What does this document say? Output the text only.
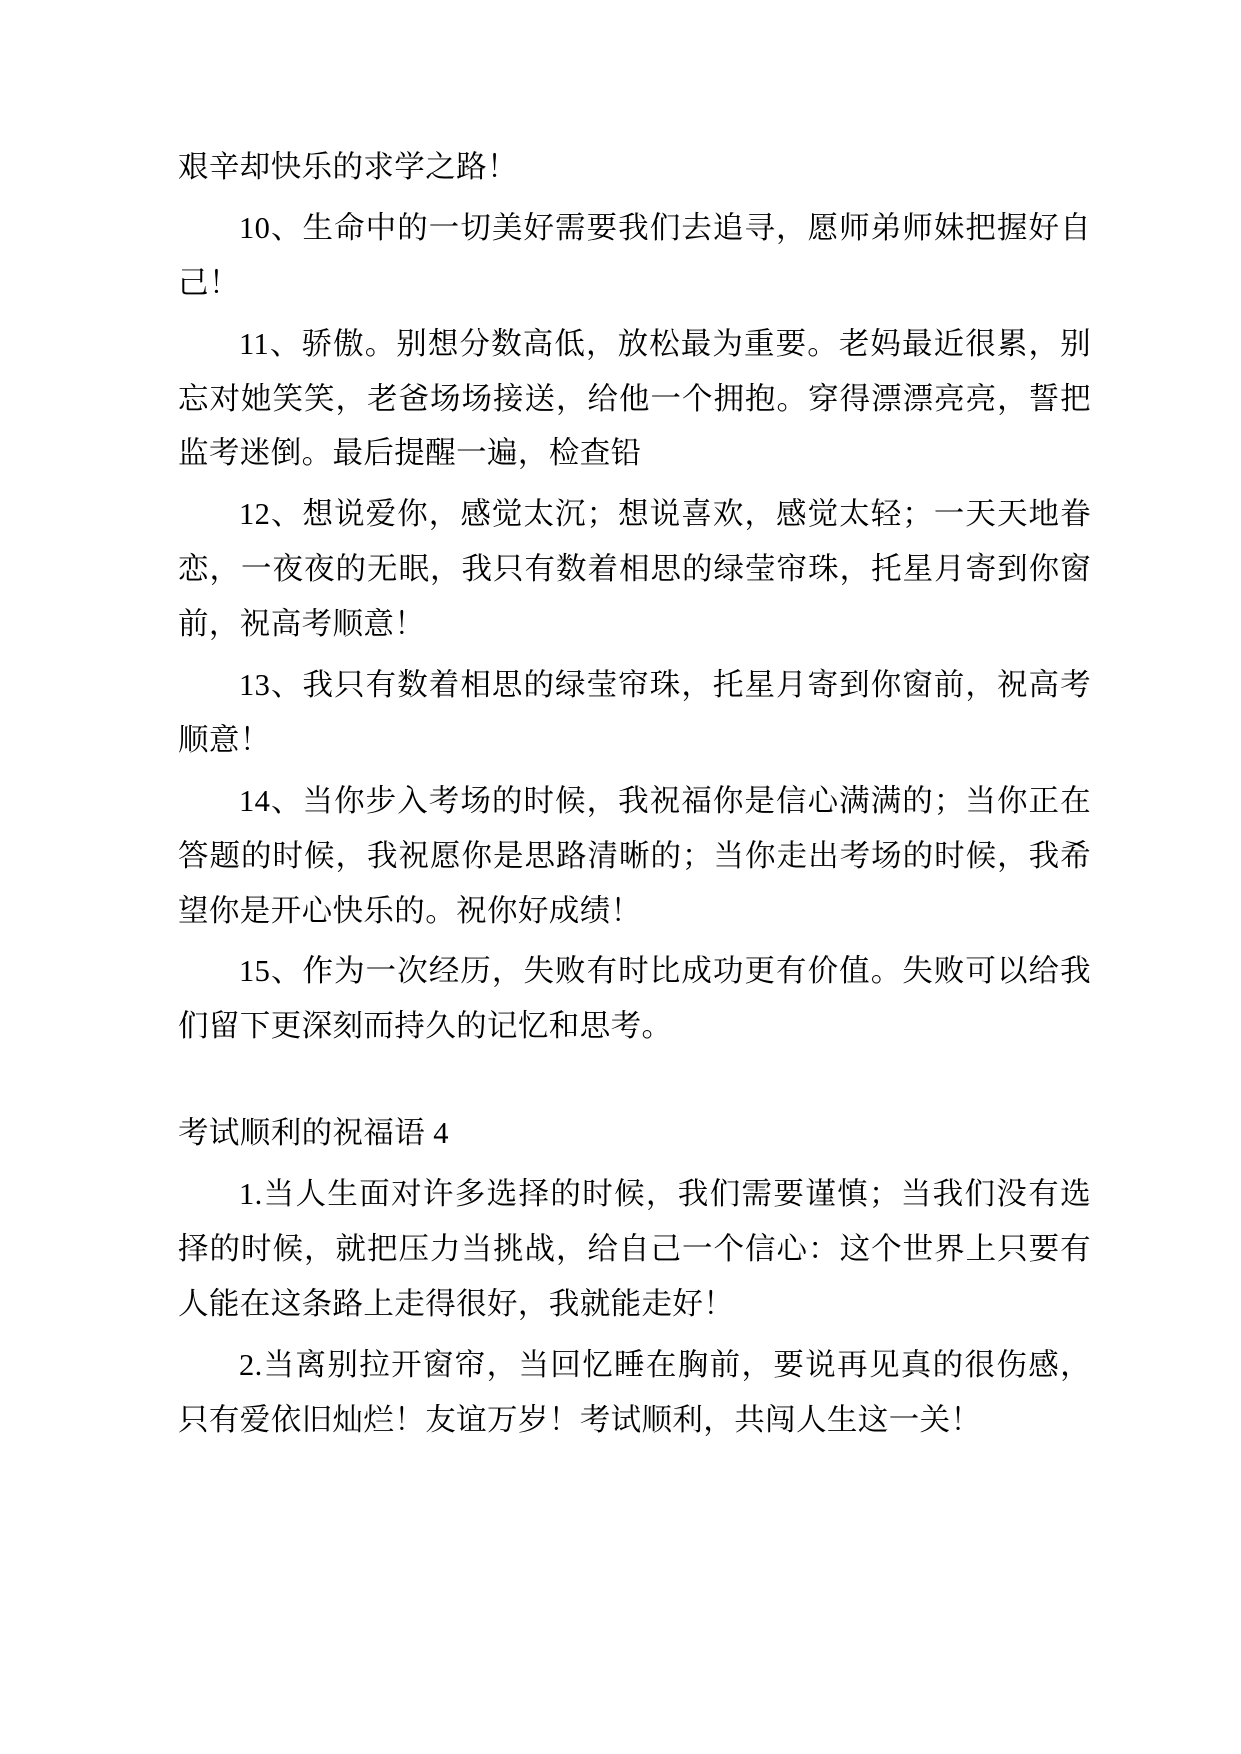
艰辛却快乐的求学之路！

10、生命中的一切美好需要我们去追寻，愿师弟师妹把握好自己！

11、骄傲。别想分数高低，放松最为重要。老妈最近很累，别忘对她笑笑，老爸场场接送，给他一个拥抱。穿得漂漂亮亮，誓把监考迷倒。最后提醒一遍，检查铅

12、想说爱你，感觉太沉；想说喜欢，感觉太轻；一天天地眷恋，一夜夜的无眠，我只有数着相思的绿莹帘珠，托星月寄到你窗前，祝高考顺意！

13、我只有数着相思的绿莹帘珠，托星月寄到你窗前，祝高考顺意！

14、当你步入考场的时候，我祝福你是信心满满的；当你正在答题的时候，我祝愿你是思路清晰的；当你走出考场的时候，我希望你是开心快乐的。祝你好成绩！

15、作为一次经历，失败有时比成功更有价值。失败可以给我们留下更深刻而持久的记忆和思考。

考试顺利的祝福语 4

1.当人生面对许多选择的时候，我们需要谨慎；当我们没有选择的时候，就把压力当挑战，给自己一个信心：这个世界上只要有人能在这条路上走得很好，我就能走好！

2.当离别拉开窗帘，当回忆睡在胸前，要说再见真的很伤感，只有爱依旧灿烂！友谊万岁！考试顺利，共闯人生这一关！
